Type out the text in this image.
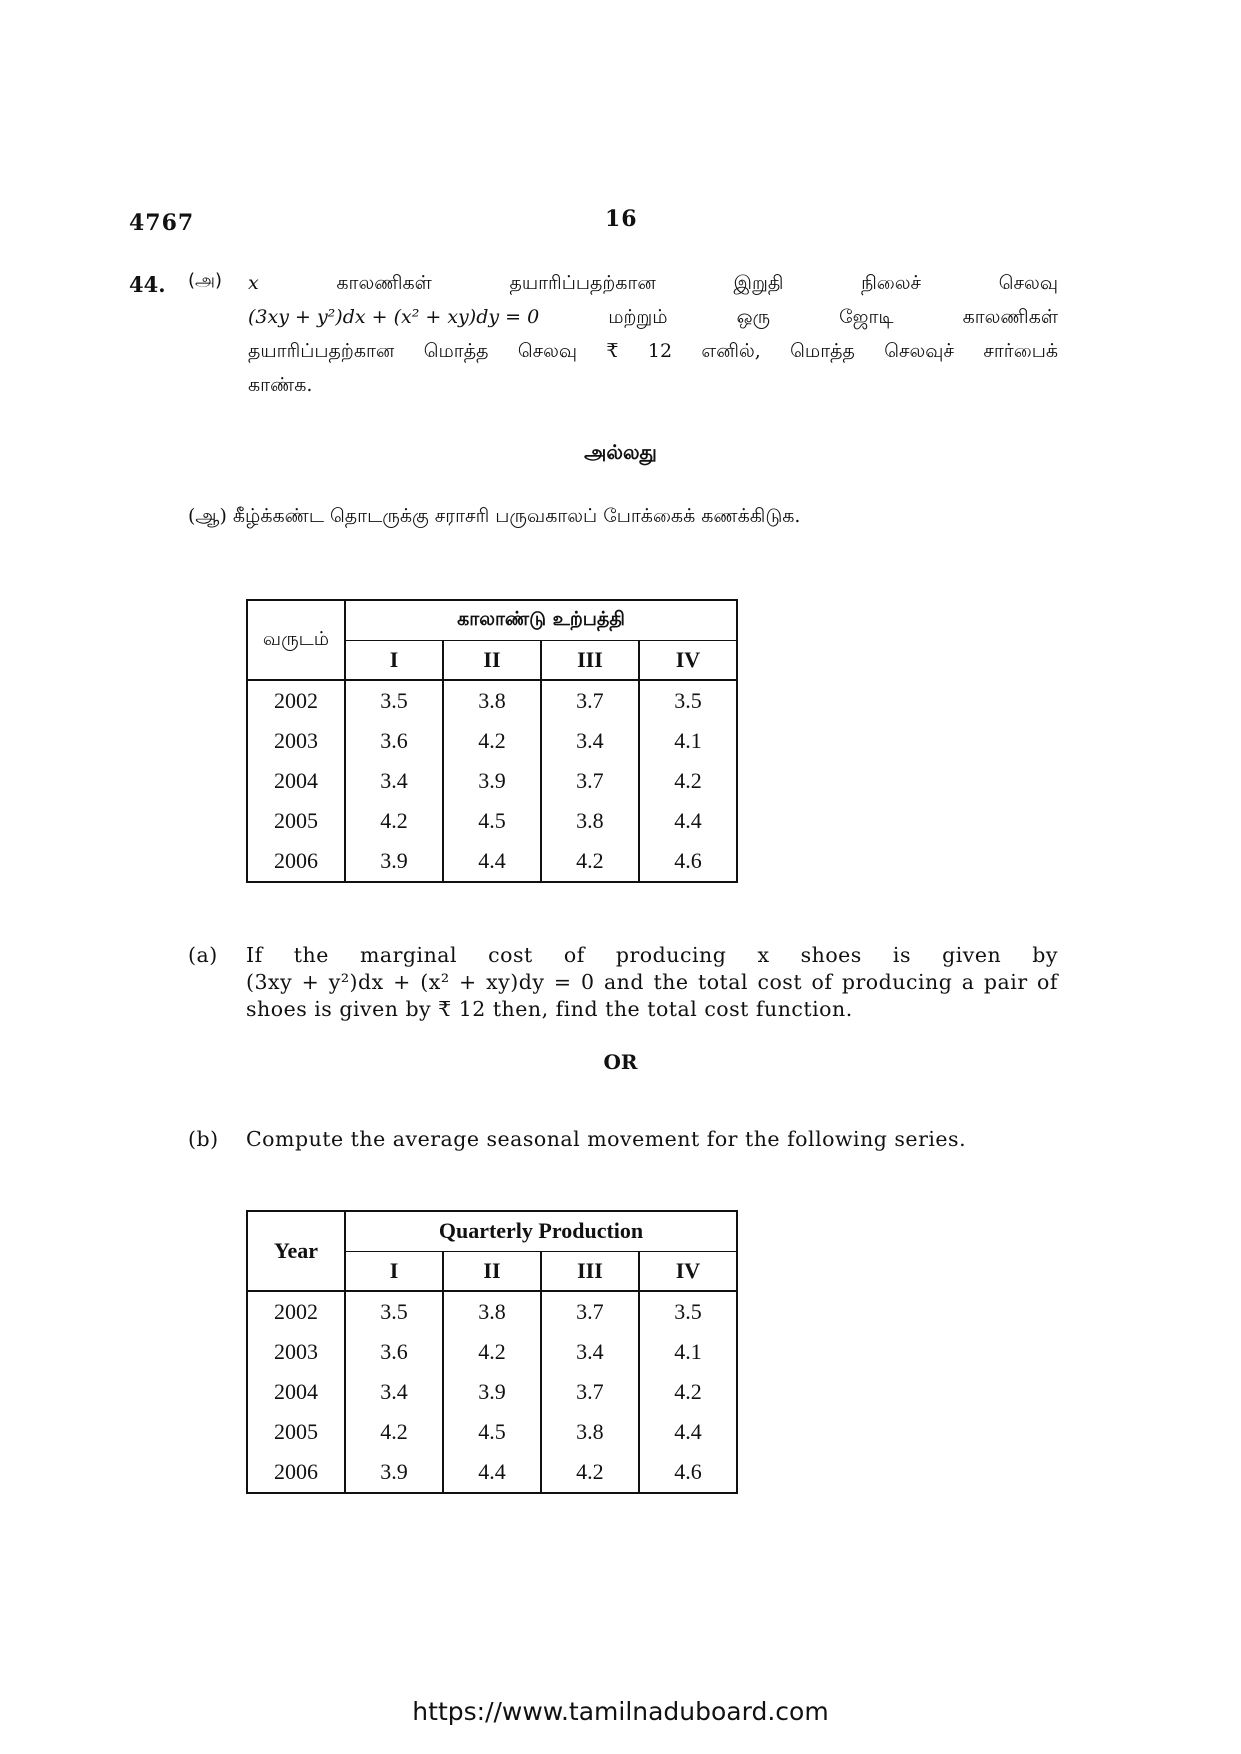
4767	16
44. (அ) x	காலணிகள்	தயாரிப்பதற்கான	இறுதி	நிலைச்	செலவு
(3xy + y²)dx + (x² + xy)dy = 0	மற்றும்	ஒரு	ஜோடி	காலணிகள்
தயாரிப்பதற்கான மொத்த செலவு ₹ 12 எனில், மொத்த செலவுச் சார்பைக்
காண்க.
அல்லது
(ஆ) கீழ்க்கண்ட தொடருக்கு சராசரி பருவகாலப் போக்கைக் கணக்கிடுக.
வருடம்	காலாண்டு உற்பத்தி			
	I	II	III	IV
2002	3.5	3.8	3.7	3.5
2003	3.6	4.2	3.4	4.1
2004	3.4	3.9	3.7	4.2
2005	4.2	4.5	3.8	4.4
2006	3.9	4.4	4.2	4.6
(a) If the marginal cost of producing x shoes is given by
(3xy + y²)dx + (x² + xy)dy = 0 and the total cost of producing a pair of
shoes is given by ₹ 12 then, find the total cost function.
OR
(b) Compute the average seasonal movement for the following series.
Year	Quarterly Production			
	I	II	III	IV
2002	3.5	3.8	3.7	3.5
2003	3.6	4.2	3.4	4.1
2004	3.4	3.9	3.7	4.2
2005	4.2	4.5	3.8	4.4
2006	3.9	4.4	4.2	4.6
https://www.tamilnaduboard.com
